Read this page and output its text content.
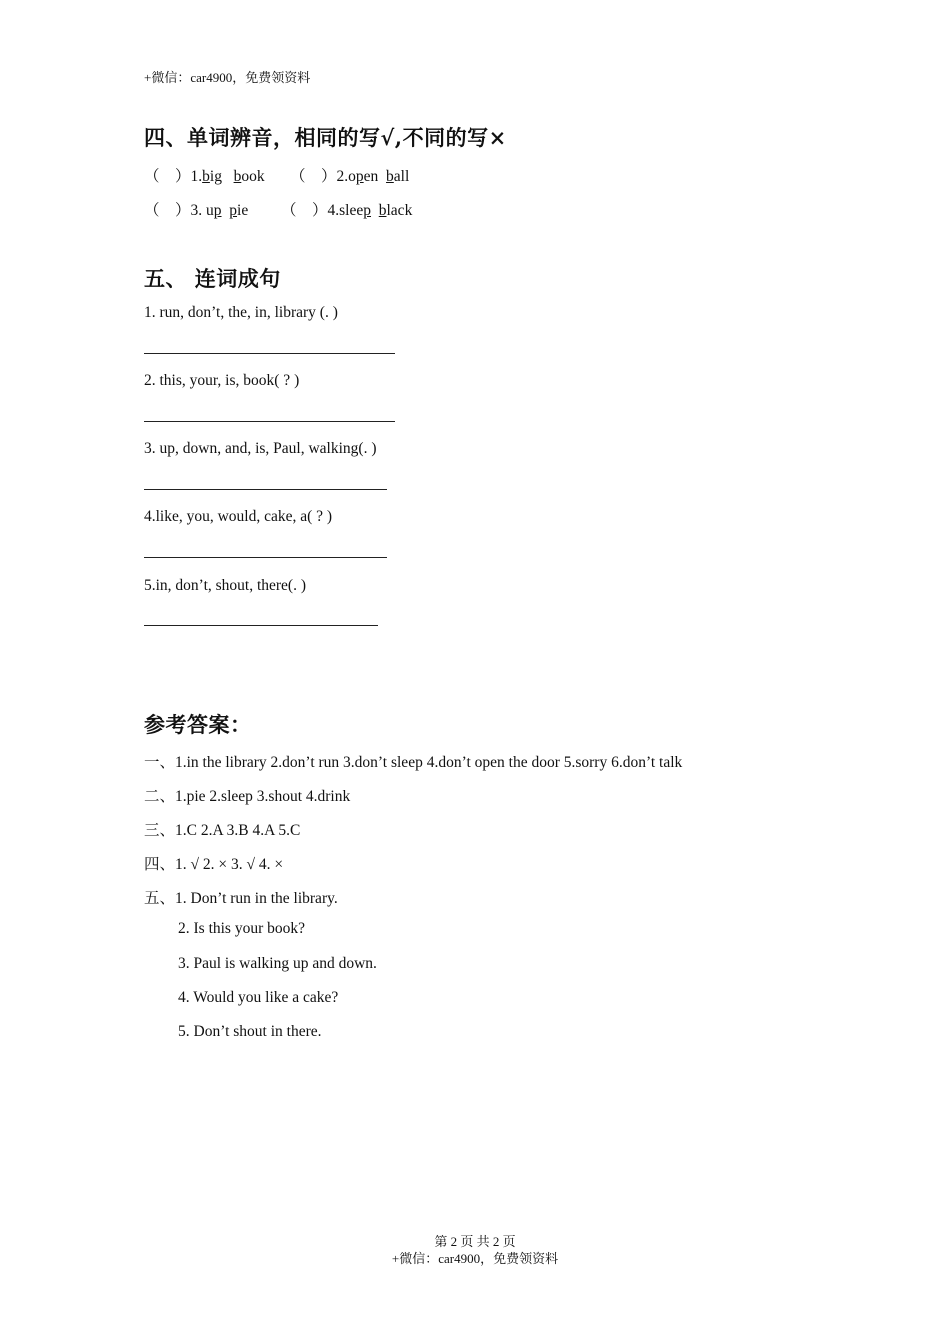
+微信：car4900，免费领资料
四、单词辨音，相同的写√,不同的写×
（　）1.big book （　）2.open ball
（　）3. up pie （　）4.sleep black
五、 连词成句
1. run, don’t, the, in, library (. )
2. this, your, is, book( ? )
3. up, down, and, is, Paul, walking(. )
4.like, you, would, cake, a( ? )
5.in, don’t, shout, there(. )
参考答案：
一、1.in the library 2.don’t run 3.don’t sleep 4.don’t open the door 5.sorry 6.don’t talk
二、1.pie 2.sleep 3.shout 4.drink
三、1.C 2.A 3.B 4.A 5.C
四、1. √ 2. × 3. √ 4. ×
五、1. Don’t run in the library.
2. Is this your book?
3. Paul is walking up and down.
4. Would you like a cake?
5. Don’t shout in there.
第 2 页 共 2 页
+微信：car4900，免费领资料
